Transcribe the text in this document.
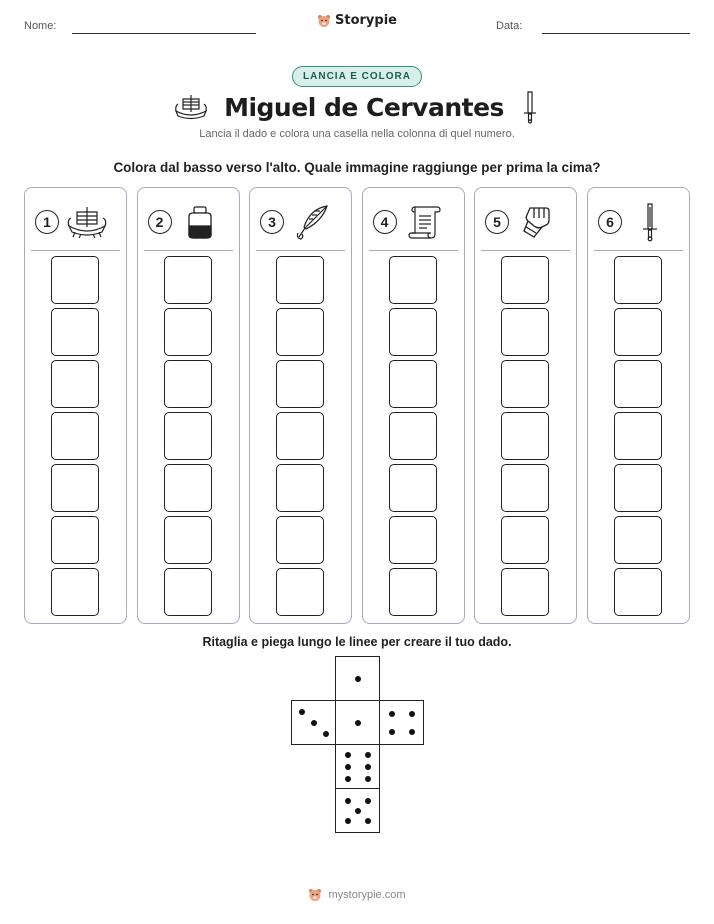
Nome:	Storypie	Data:
LANCIA E COLORA
Miguel de Cervantes
Lancia il dado e colora una casella nella colonna di quel numero.
Colora dal basso verso l'alto. Quale immagine raggiunge per prima la cima?
1	2	3	4	5	6
Ritaglia e piega lungo le linee per creare il tuo dado.
mystorypie.com
